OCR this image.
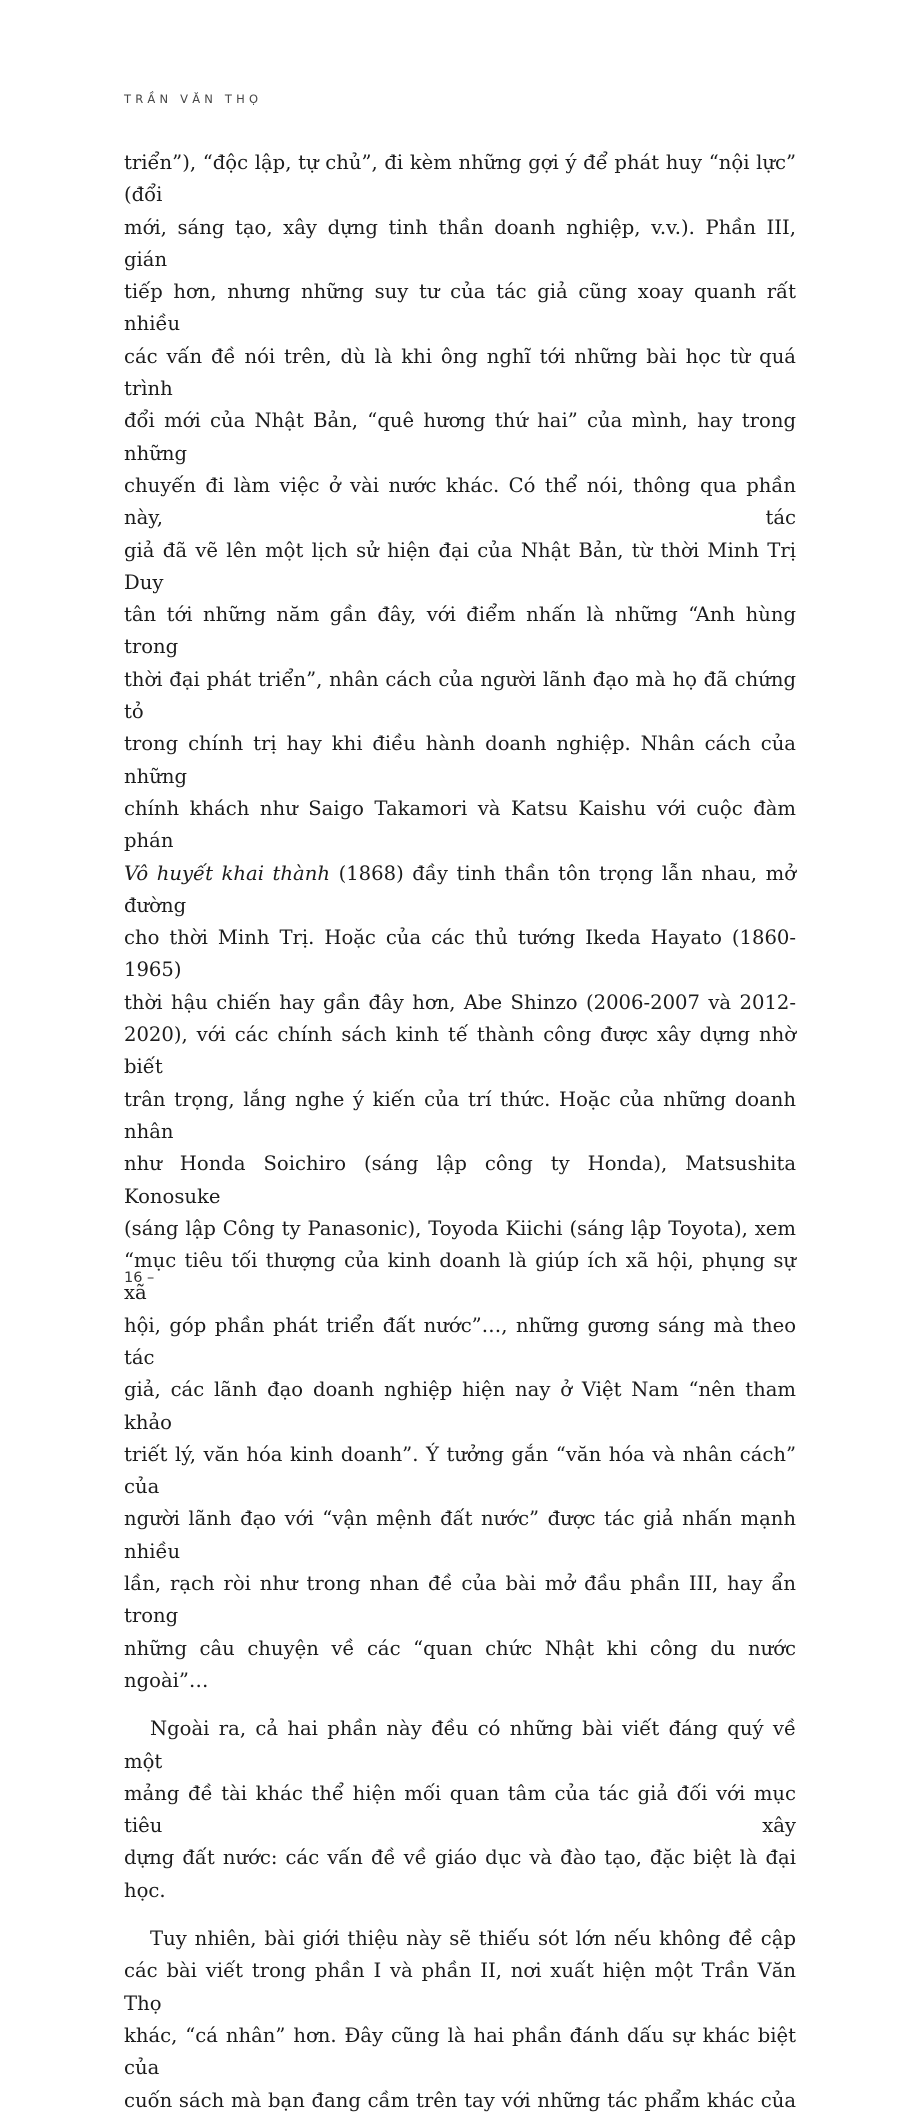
TRẦN VĂN THỌ

triển”), “độc lập, tự chủ”, đi kèm những gợi ý để phát huy “nội lực” (đổi

mới, sáng tạo, xây dựng tinh thần doanh nghiệp, v.v.). Phần III, gián

tiếp hơn, nhưng những suy tư của tác giả cũng xoay quanh rất nhiều

các vấn đề nói trên, dù là khi ông nghĩ tới những bài học từ quá trình

đổi mới của Nhật Bản, “quê hương thứ hai” của mình, hay trong những

chuyến đi làm việc ở vài nước khác. Có thể nói, thông qua phần này, tác

giả đã vẽ lên một lịch sử hiện đại của Nhật Bản, từ thời Minh Trị Duy

tân tới những năm gần đây, với điểm nhấn là những “Anh hùng trong

thời đại phát triển”, nhân cách của người lãnh đạo mà họ đã chứng tỏ

trong chính trị hay khi điều hành doanh nghiệp. Nhân cách của những

chính khách như Saigo Takamori và Katsu Kaishu với cuộc đàm phán

Vô huyết khai thành (1868) đầy tinh thần tôn trọng lẫn nhau, mở đường

cho thời Minh Trị. Hoặc của các thủ tướng Ikeda Hayato (1860-1965)

thời hậu chiến hay gần đây hơn, Abe Shinzo (2006-2007 và 2012-

2020), với các chính sách kinh tế thành công được xây dựng nhờ biết

trân trọng, lắng nghe ý kiến của trí thức. Hoặc của những doanh nhân

như Honda Soichiro (sáng lập công ty Honda), Matsushita Konosuke

(sáng lập Công ty Panasonic), Toyoda Kiichi (sáng lập Toyota), xem

“mục tiêu tối thượng của kinh doanh là giúp ích xã hội, phụng sự xã

hội, góp phần phát triển đất nước”…, những gương sáng mà theo tác

giả, các lãnh đạo doanh nghiệp hiện nay ở Việt Nam “nên tham khảo

triết lý, văn hóa kinh doanh”. Ý tưởng gắn “văn hóa và nhân cách” của

người lãnh đạo với “vận mệnh đất nước” được tác giả nhấn mạnh nhiều

lần, rạch ròi như trong nhan đề của bài mở đầu phần III, hay ẩn trong

những câu chuyện về các “quan chức Nhật khi công du nước ngoài”…

Ngoài ra, cả hai phần này đều có những bài viết đáng quý về một

mảng đề tài khác thể hiện mối quan tâm của tác giả đối với mục tiêu xây

dựng đất nước: các vấn đề về giáo dục và đào tạo, đặc biệt là đại học.

Tuy nhiên, bài giới thiệu này sẽ thiếu sót lớn nếu không đề cập

các bài viết trong phần I và phần II, nơi xuất hiện một Trần Văn Thọ

khác, “cá nhân” hơn. Đây cũng là hai phần đánh dấu sự khác biệt của

cuốn sách mà bạn đang cầm trên tay với những tác phẩm khác của

16 –
